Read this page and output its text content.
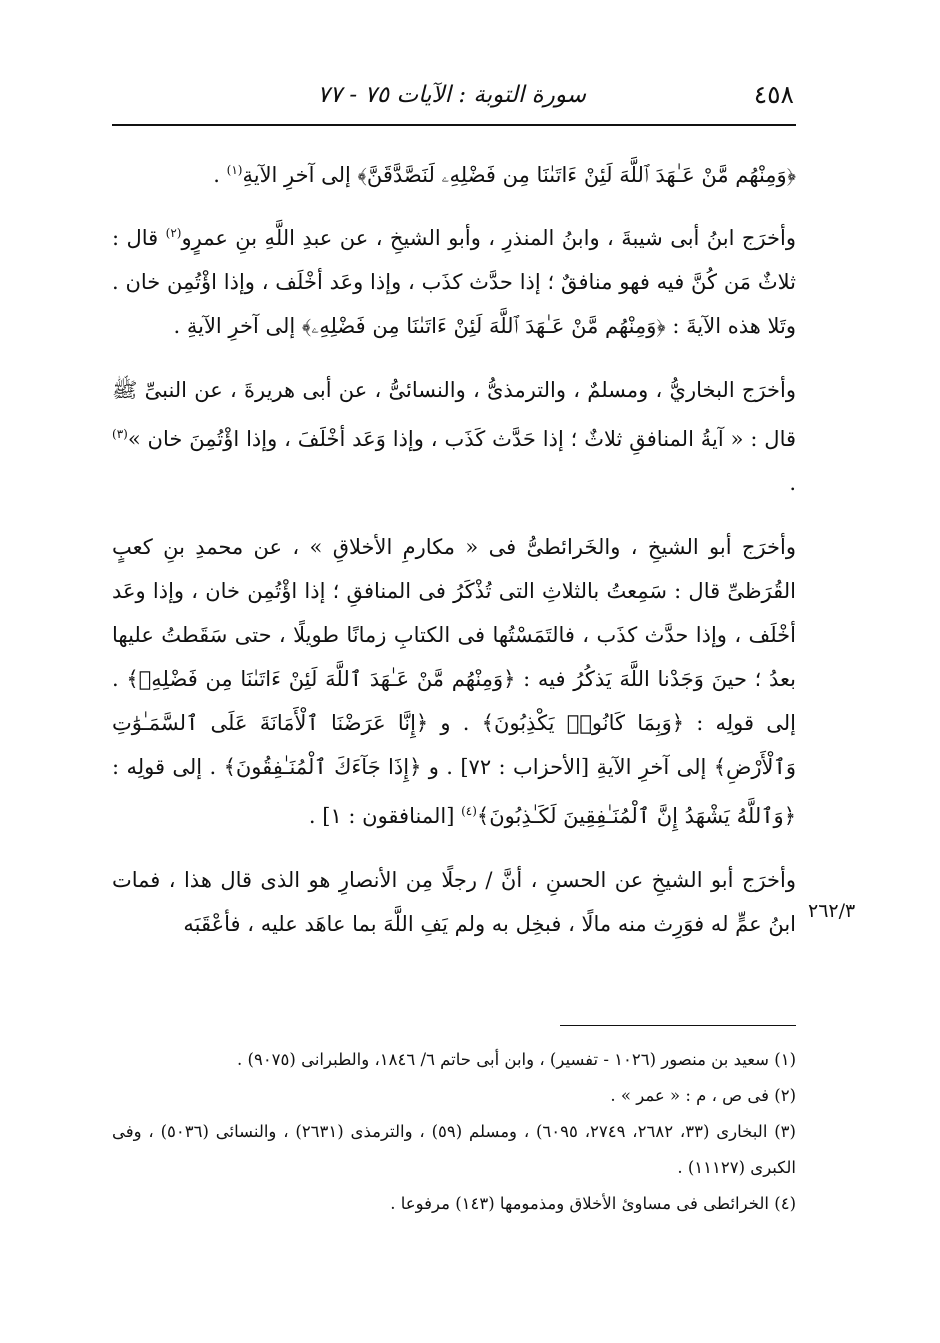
٤٥٨
سورة التوبة : الآيات ٧٥ - ٧٧
٢٦٢/٣

﴿وَمِنْهُم مَّنْ عَـٰهَدَ ٱللَّهَ لَئِنْ ءَاتَىٰنَا مِن فَضْلِهِۦ لَنَصَّدَّقَنَّ﴾ إلى آخرِ الآيةِ$^{(١)}$ .

وأخرَج ابنُ أبى شيبةَ ، وابنُ المنذرِ ، وأبو الشيخِ ، عن عبدِ اللَّهِ بنِ عمرٍو$^{(٢)}$ قال : ثلاثٌ مَن كُنَّ فيه فهو منافقٌ ؛ إذا حدَّث كذَب ، وإذا وعَد أخْلَف ، وإذا اؤْتُمِن خان . وتَلا هذه الآيةَ : ﴿وَمِنْهُم مَّنْ عَـٰهَدَ ٱللَّهَ لَئِنْ ءَاتَىٰنَا مِن فَضْلِهِۦ﴾ إلى آخرِ الآيةِ .

وأخرَج البخاريُّ ، ومسلمٌ ، والترمذىُّ ، والنسائىُّ ، عن أبى هريرةَ ، عن النبىِّ ﷺ قال : « آيةُ المنافقِ ثلاثٌ ؛ إذا حَدَّث كَذَب ، وإذا وَعَد أخْلَفَ ، وإذا اؤْتُمِنَ خان »$^{(٣)}$ .

وأخرَج أبو الشيخِ ، والخَرائطىُّ فى « مكارمِ الأخلاقِ » ، عن محمدِ بنِ كعبٍ القُرَظىِّ قال : سَمِعتُ بالثلاثِ التى تُذْكَرُ فى المنافقِ ؛ إذا اؤْتُمِن خان ، وإذا وعَد أخْلَف ، وإذا حدَّث كذَب ، فالتَمَسْتُها فى الكتابِ زمانًا طويلًا ، حتى سَقَطتُ عليها بعدُ ؛ حينَ وَجَدْنا اللَّهَ يَذكُرُ فيه : ﴿وَمِنْهُم مَّنْ عَـٰهَدَ ٱللَّهَ لَئِنْ ءَاتَىٰنَا مِن فَضْلِهِۦ﴾ . إلى قولِه : ﴿وَبِمَا كَانُوا۟ يَكْذِبُونَ﴾ . و ﴿إِنَّا عَرَضْنَا ٱلْأَمَانَةَ عَلَى ٱلسَّمَـٰوَٰتِ وَٱلْأَرْضِ﴾ إلى آخرِ الآيةِ [الأحزاب : ٧٢] . و ﴿إِذَا جَآءَكَ ٱلْمُنَـٰفِقُونَ﴾ . إلى قولِه : ﴿وَٱللَّهُ يَشْهَدُ إِنَّ ٱلْمُنَـٰفِقِينَ لَكَـٰذِبُونَ﴾$^{(٤)}$ [المنافقون : ١] .

وأخرَج أبو الشيخِ عن الحسنِ ، أنَّ / رجلًا مِن الأنصارِ هو الذى قال هذا ، فمات ابنُ عمٍّ له فوَرِث منه مالًا ، فبخِل به ولم يَفِ اللَّهَ بما عاهَد عليه ، فأعْقَبَه

(١) سعيد بن منصور (١٠٢٦ - تفسير) ، وابن أبى حاتم ٦/ ١٨٤٦، والطبرانى (٩٠٧٥) .

(٢) فى ص ، م : « عمر » .

(٣) البخارى (٣٣، ٢٦٨٢، ٢٧٤٩، ٦٠٩٥) ، ومسلم (٥٩) ، والترمذى (٢٦٣١) ، والنسائى (٥٠٣٦) ، وفى الكبرى (١١١٢٧) .

(٤) الخرائطى فى مساوئ الأخلاق ومذمومها (١٤٣) مرفوعا .
